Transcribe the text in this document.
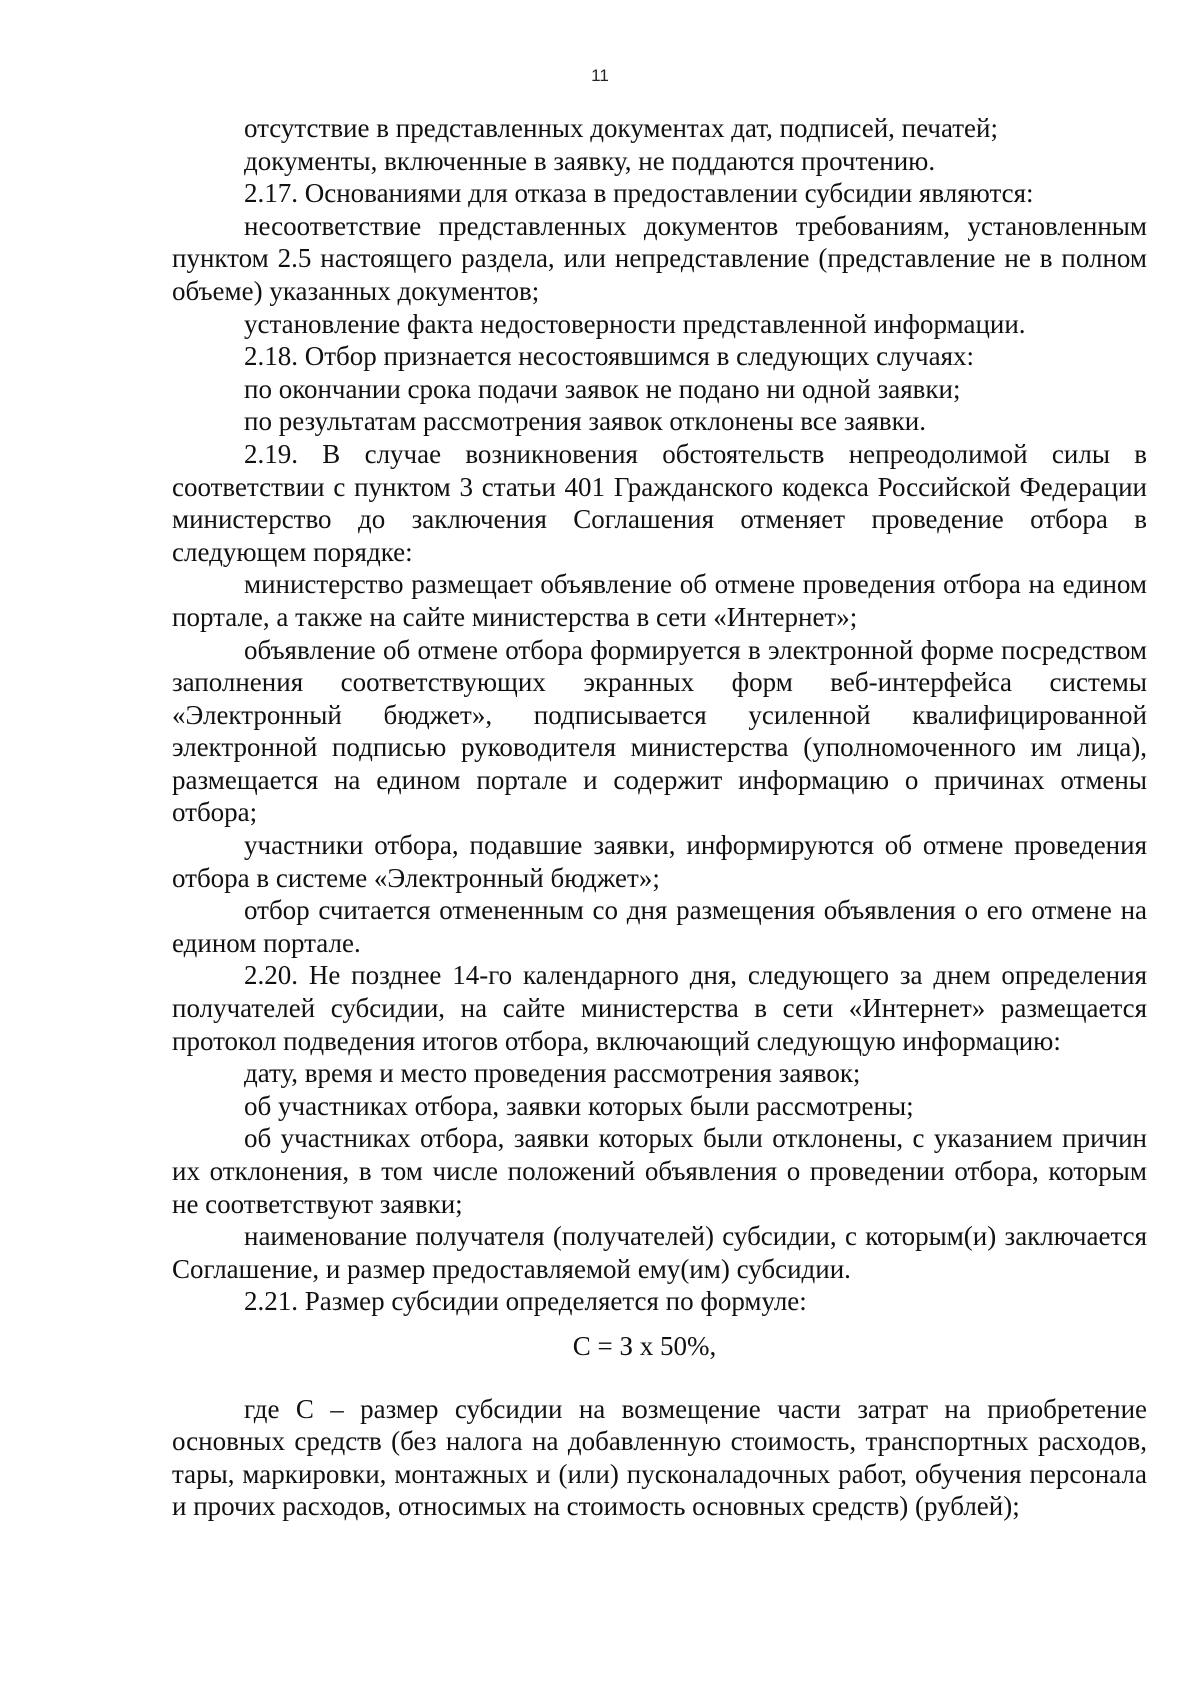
11

отсутствие в представленных документах дат, подписей, печатей;

документы, включенные в заявку, не поддаются прочтению.

2.17. Основаниями для отказа в предоставлении субсидии являются:

несоответствие представленных документов требованиям, установленным пунктом 2.5 настоящего раздела, или непредставление (представление не в полном объеме) указанных документов;

установление факта недостоверности представленной информации.

2.18. Отбор признается несостоявшимся в следующих случаях:

по окончании срока подачи заявок не подано ни одной заявки;

по результатам рассмотрения заявок отклонены все заявки.

2.19. В случае возникновения обстоятельств непреодолимой силы в соответствии с пунктом 3 статьи 401 Гражданского кодекса Российской Федерации министерство до заключения Соглашения отменяет проведение отбора в следующем порядке:

министерство размещает объявление об отмене проведения отбора на едином портале, а также на сайте министерства в сети «Интернет»;

объявление об отмене отбора формируется в электронной форме посредством заполнения соответствующих экранных форм веб-интерфейса системы «Электронный бюджет», подписывается усиленной квалифицированной электронной подписью руководителя министерства (уполномоченного им лица), размещается на едином портале и содержит информацию о причинах отмены отбора;

участники отбора, подавшие заявки, информируются об отмене проведения отбора в системе «Электронный бюджет»;

отбор считается отмененным со дня размещения объявления о его отмене на едином портале.

2.20. Не позднее 14-го календарного дня, следующего за днем определения получателей субсидии, на сайте министерства в сети «Интернет» размещается протокол подведения итогов отбора, включающий следующую информацию:

дату, время и место проведения рассмотрения заявок;

об участниках отбора, заявки которых были рассмотрены;

об участниках отбора, заявки которых были отклонены, с указанием причин их отклонения, в том числе положений объявления о проведении отбора, которым не соответствуют заявки;

наименование получателя (получателей) субсидии, с которым(и) заключается Соглашение, и размер предоставляемой ему(им) субсидии.

2.21. Размер субсидии определяется по формуле:

С = З х 50%,

где С – размер субсидии на возмещение части затрат на приобретение основных средств (без налога на добавленную стоимость, транспортных расходов, тары, маркировки, монтажных и (или) пусконаладочных работ, обучения персонала и прочих расходов, относимых на стоимость основных средств) (рублей);
